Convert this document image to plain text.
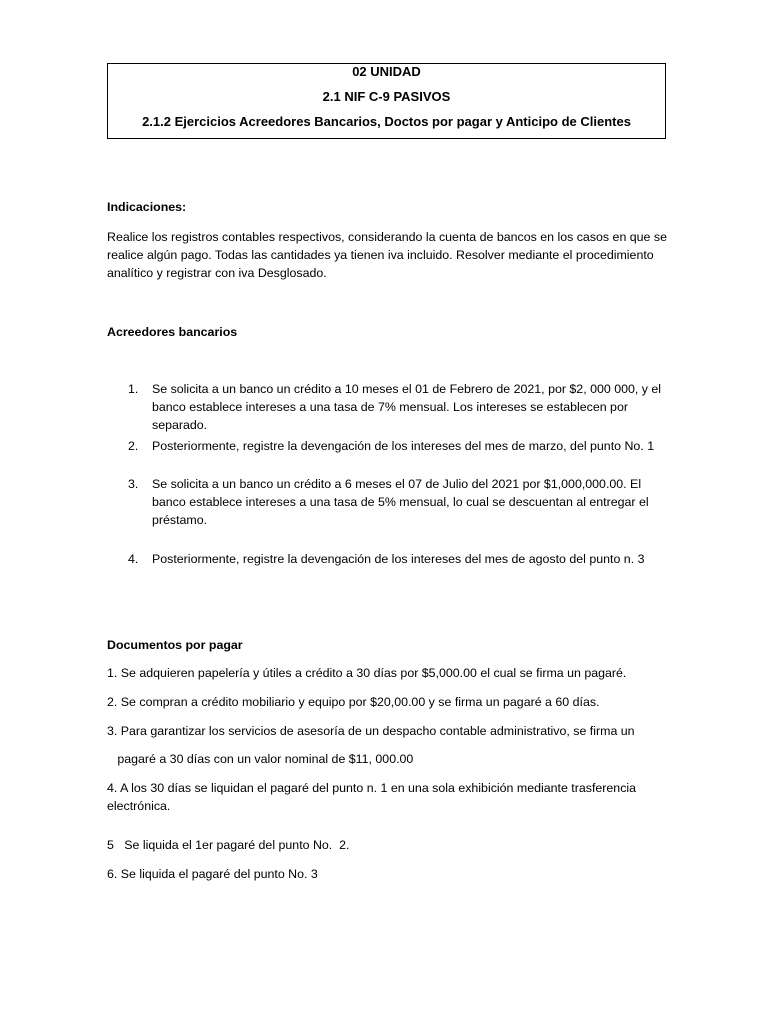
02 UNIDAD
2.1 NIF C-9 PASIVOS
2.1.2 Ejercicios Acreedores Bancarios, Doctos por pagar y Anticipo de Clientes
Indicaciones:
Realice los registros contables respectivos, considerando la cuenta de bancos en los casos en que se realice algún pago. Todas las cantidades ya tienen iva incluido. Resolver mediante el procedimiento analítico y registrar con iva Desglosado.
Acreedores bancarios
1. Se solicita a un banco un crédito a 10 meses el 01 de Febrero de 2021, por $2, 000 000, y el banco establece intereses a una tasa de 7% mensual. Los intereses se establecen por separado.
2. Posteriormente, registre la devengación de los intereses del mes de marzo, del punto No. 1
3. Se solicita a un banco un crédito a 6 meses el 07 de Julio del 2021 por $1,000,000.00. El banco establece intereses a una tasa de 5% mensual, lo cual se descuentan al entregar el préstamo.
4. Posteriormente, registre la devengación de los intereses del mes de agosto del punto n. 3
Documentos por pagar
1. Se adquieren papelería y útiles a crédito a 30 días por $5,000.00 el cual se firma un pagaré.
2. Se compran a crédito mobiliario y equipo por $20,00.00 y se firma un pagaré a 60 días.
3. Para garantizar los servicios de asesoría de un despacho contable administrativo, se firma un
pagaré a 30 días con un valor nominal de $11, 000.00
4. A los 30 días se liquidan el pagaré del punto n. 1 en una sola exhibición mediante trasferencia electrónica.
5   Se liquida el 1er pagaré del punto No.  2.
6. Se liquida el pagaré del punto No. 3
